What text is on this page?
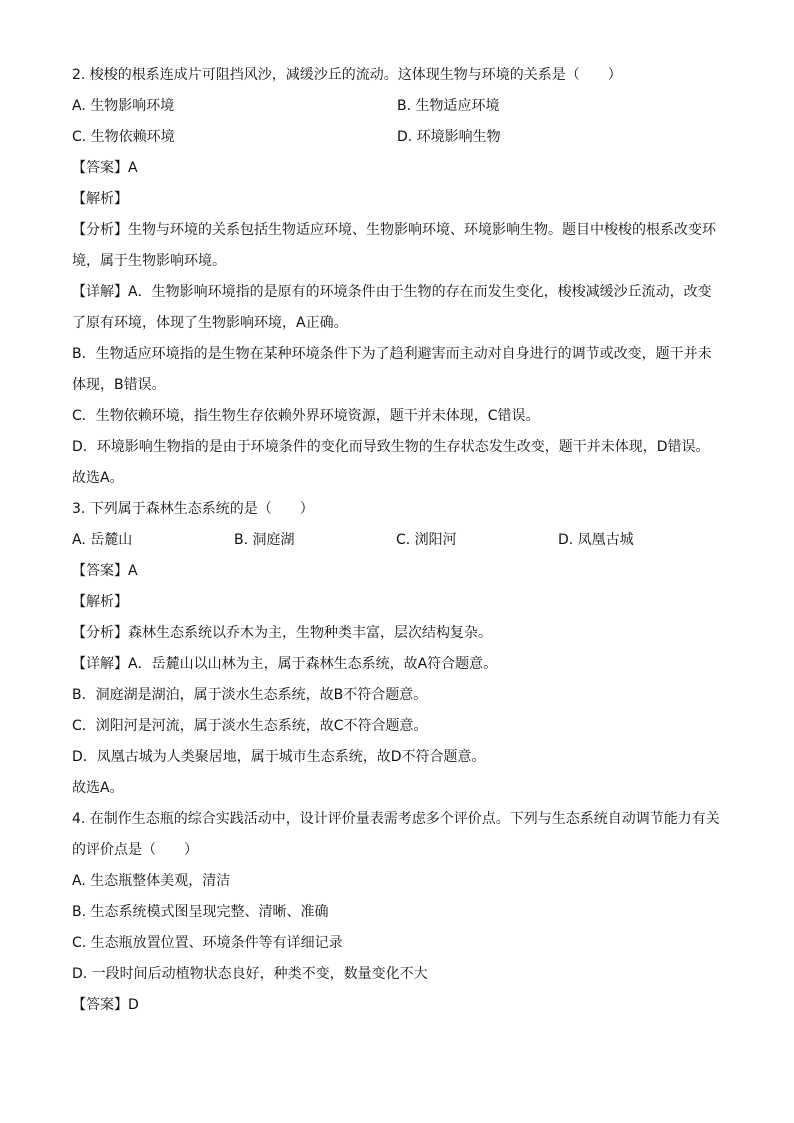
2. 梭梭的根系连成片可阻挡风沙，减缓沙丘的流动。这体现生物与环境的关系是（　　）
A. 生物影响环境	B. 生物适应环境
C. 生物依赖环境	D. 环境影响生物
【答案】A
【解析】
【分析】生物与环境的关系包括生物适应环境、生物影响环境、环境影响生物。题目中梭梭的根系改变环境，属于生物影响环境。
【详解】A．生物影响环境指的是原有的环境条件由于生物的存在而发生变化，梭梭减缓沙丘流动，改变了原有环境，体现了生物影响环境，A正确。
B．生物适应环境指的是生物在某种环境条件下为了趋利避害而主动对自身进行的调节或改变，题干并未体现，B错误。
C．生物依赖环境，指生物生存依赖外界环境资源，题干并未体现，C错误。
D．环境影响生物指的是由于环境条件的变化而导致生物的生存状态发生改变，题干并未体现，D错误。
故选A。
3. 下列属于森林生态系统的是（　　）
A. 岳麓山	B. 洞庭湖	C. 浏阳河	D. 凤凰古城
【答案】A
【解析】
【分析】森林生态系统以乔木为主，生物种类丰富，层次结构复杂。
【详解】A．岳麓山以山林为主，属于森林生态系统，故A符合题意。
B．洞庭湖是湖泊，属于淡水生态系统，故B不符合题意。
C．浏阳河是河流，属于淡水生态系统，故C不符合题意。
D．凤凰古城为人类聚居地，属于城市生态系统，故D不符合题意。
故选A。
4. 在制作生态瓶的综合实践活动中，设计评价量表需考虑多个评价点。下列与生态系统自动调节能力有关的评价点是（　　）
A. 生态瓶整体美观，清洁
B. 生态系统模式图呈现完整、清晰、准确
C. 生态瓶放置位置、环境条件等有详细记录
D. 一段时间后动植物状态良好，种类不变，数量变化不大
【答案】D
